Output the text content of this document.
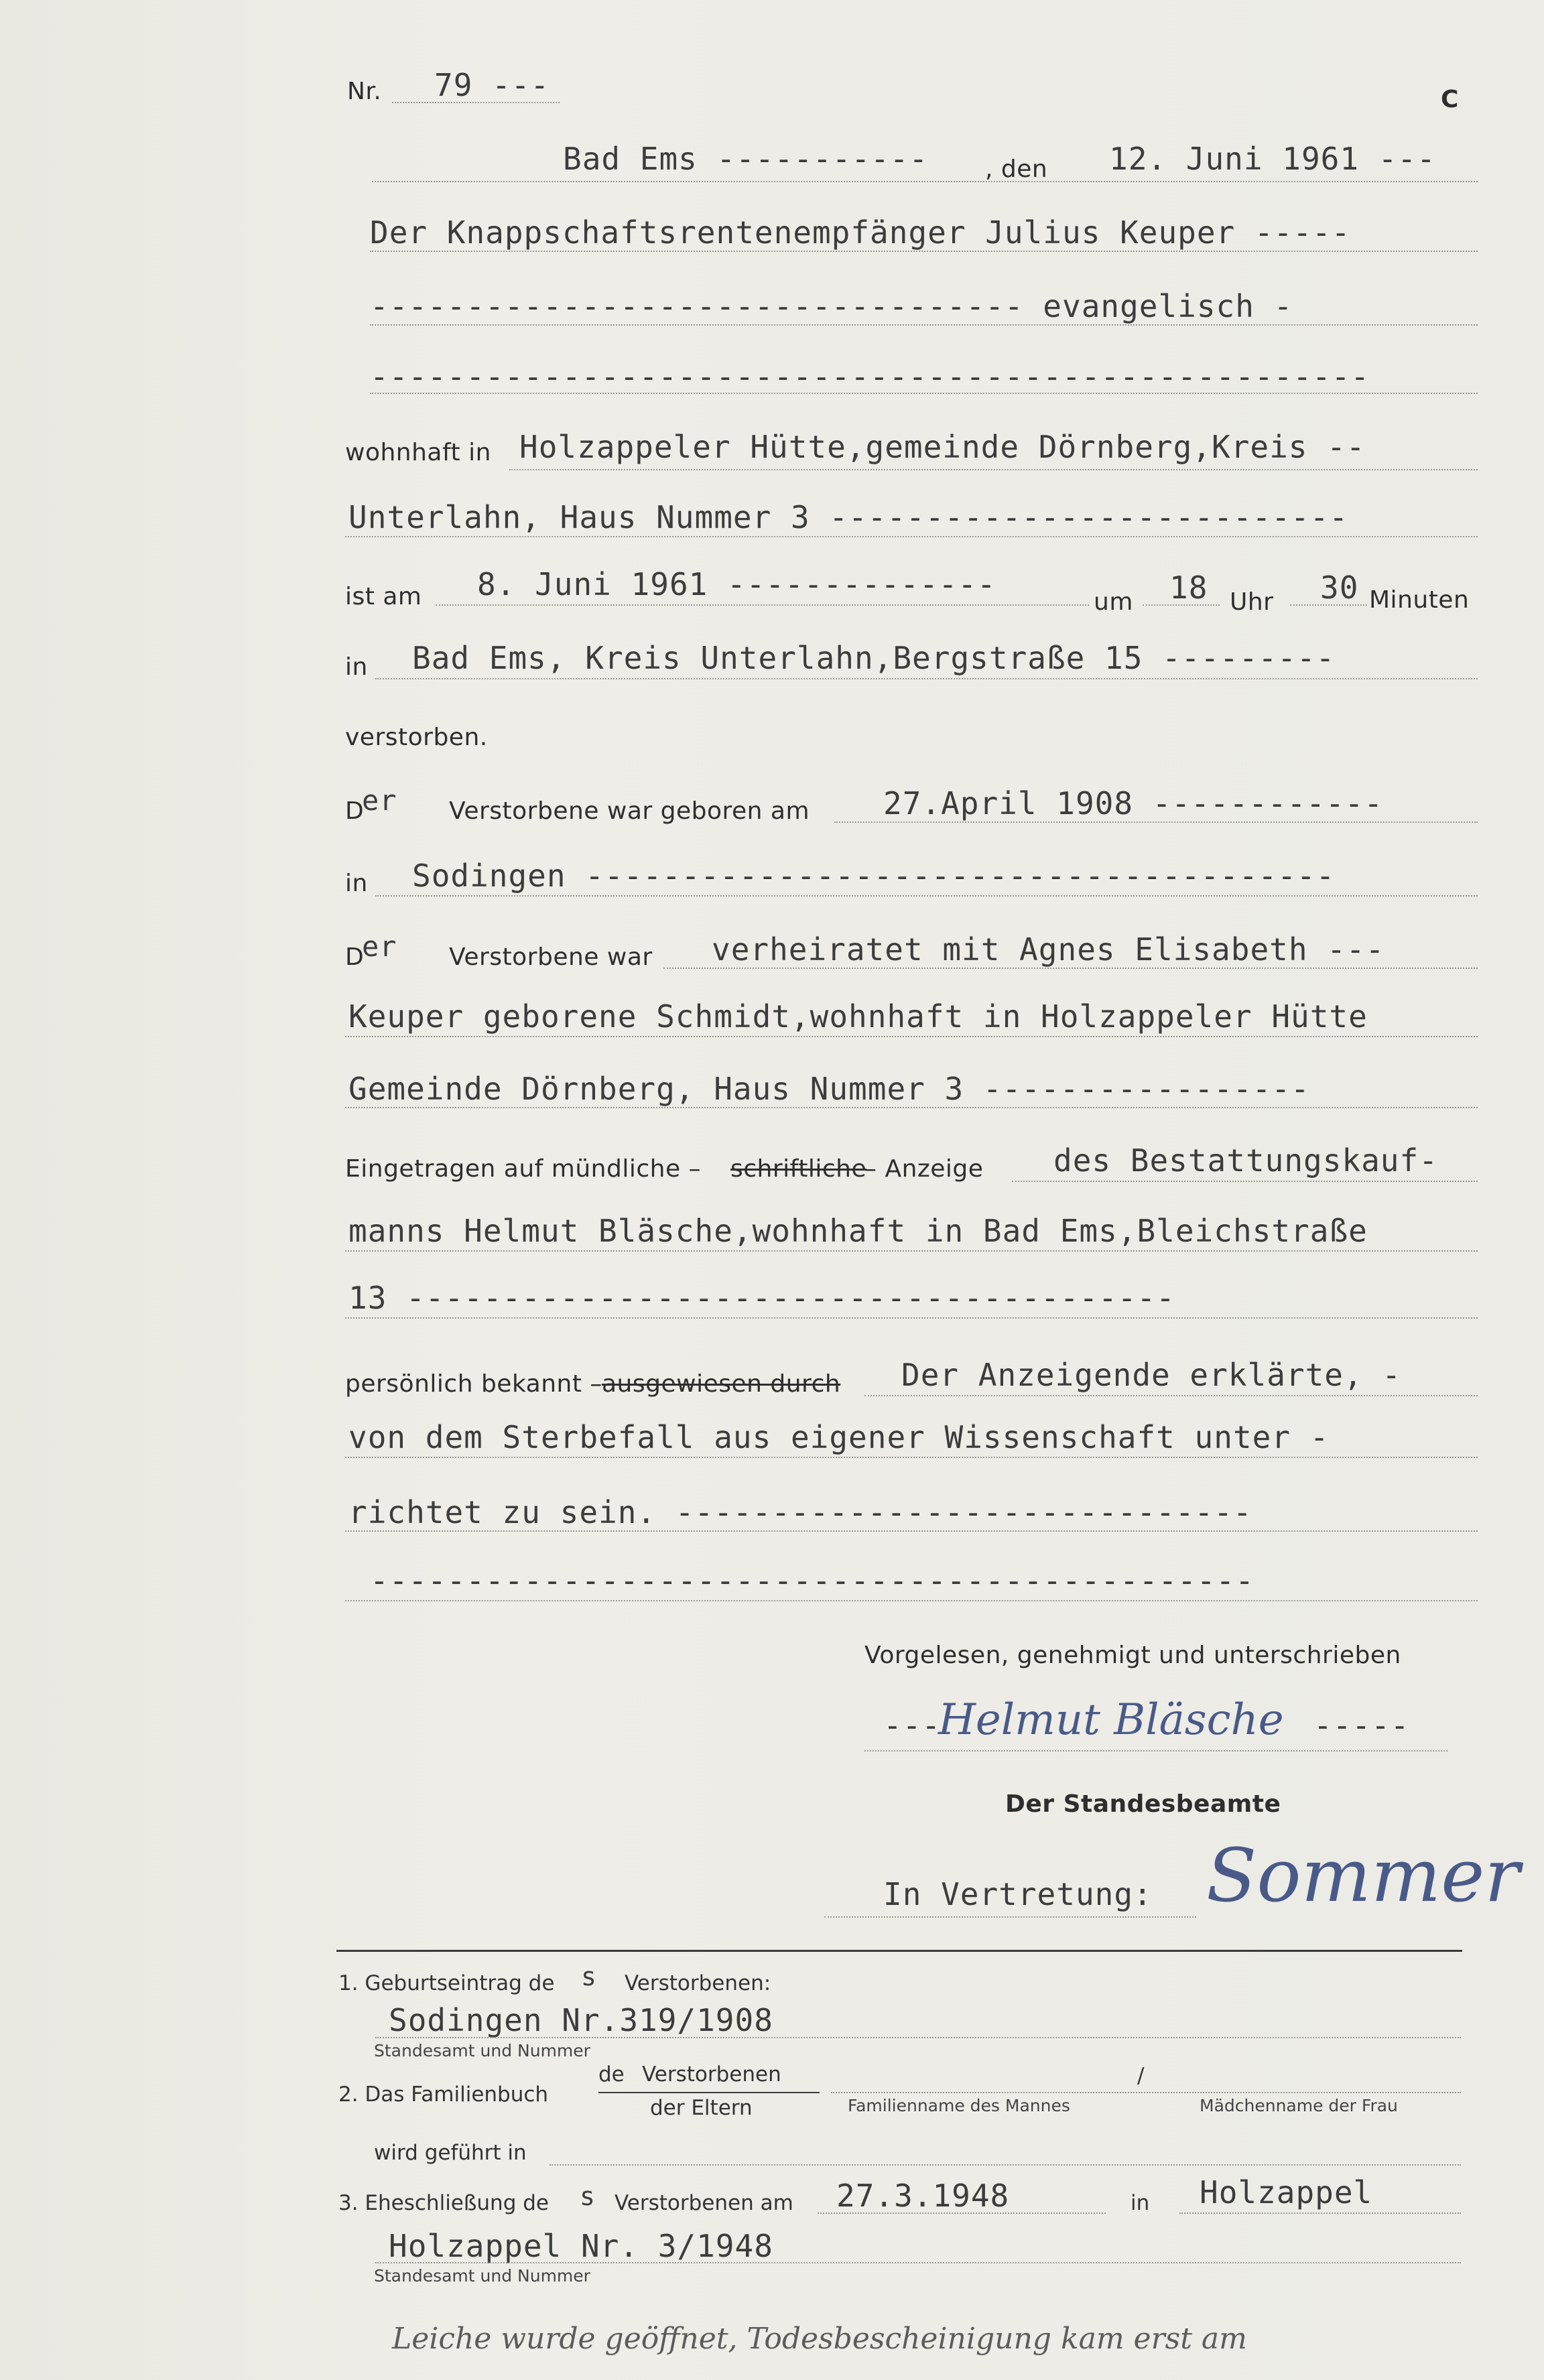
Nr. 79 ---	C
Bad Ems ----------- , den 12. Juni 1961 ---
Der Knappschaftsrentenempfänger Julius Keuper -----
---------------------------------- evangelisch -
----------------------------------------------------
wohnhaft in Holzappeler Hütte,gemeinde Dörnberg,Kreis --
Unterlahn, Haus Nummer 3 ---------------------------
ist am 8. Juni 1961 --------------	um 18 Uhr 30 Minuten
in Bad Ems, Kreis Unterlahn,Bergstraße 15 ---------
verstorben.
D
er Verstorbene war geboren am 27.April 1908 ------------
in Sodingen ---------------------------------------
D
er Verstorbene war verheiratet mit Agnes Elisabeth ---
Keuper geborene Schmidt,wohnhaft in Holzappeler Hütte
Gemeinde Dörnberg, Haus Nummer 3 -----------------
Eingetragen auf mündliche – schriftliche
– Anzeige des Bestattungskauf-
manns Helmut Bläsche,wohnhaft in Bad Ems,Bleichstraße
13 ----------------------------------------
persönlich bekannt – ausgewiesen durch Der Anzeigende erklärte, -
von dem Sterbefall aus eigener Wissenschaft unter -
richtet zu sein. ------------------------------
----------------------------------------------
Vorgelesen, genehmigt und unterschrieben
---
Helmut Bläsche -----
Der Standesbeamte
In Vertretung: Sommer
1. Geburtseintrag de s Verstorbenen:
Sodingen Nr.319/1908
Standesamt und Nummer
2. Das Familienbuch
de Verstorbenen
der Eltern	Familienname des Mannes
/
Mädchenname der Frau
wird geführt in
3. Eheschließung de s Verstorbenen am 27.3.1948	in Holzappel
Holzappel Nr. 3/1948
Standesamt und Nummer
Leiche wurde geöffnet, Todesbescheinigung kam erst am
